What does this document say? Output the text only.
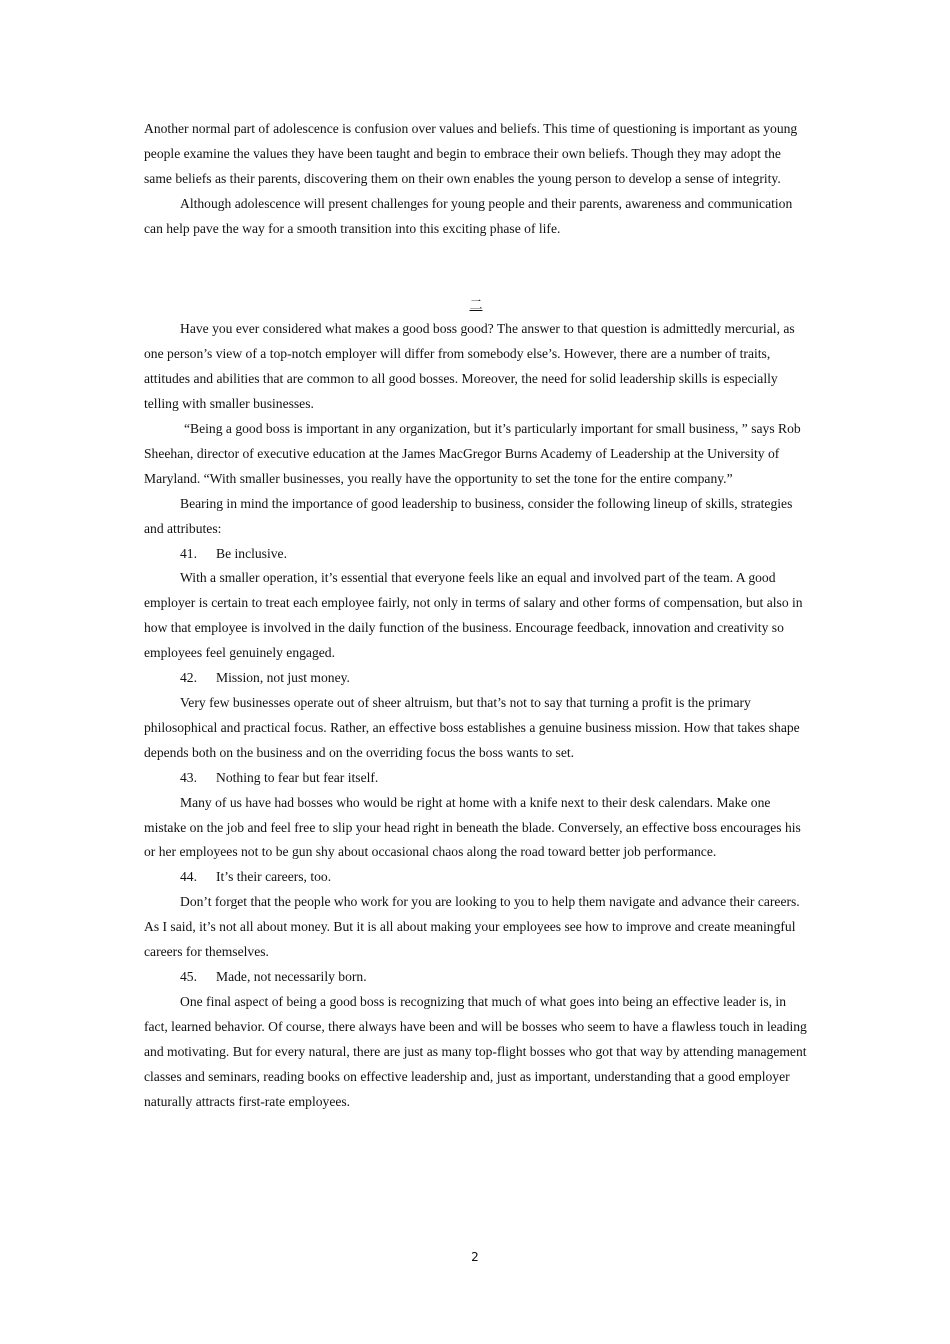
Another normal part of adolescence is confusion over values and beliefs. This time of questioning is important as young people examine the values they have been taught and begin to embrace their own beliefs. Though they may adopt the same beliefs as their parents, discovering them on their own enables the young person to develop a sense of integrity.

Although adolescence will present challenges for young people and their parents, awareness and communication can help pave the way for a smooth transition into this exciting phase of life.

二

Have you ever considered what makes a good boss good? The answer to that question is admittedly mercurial, as one person’s view of a top-notch employer will differ from somebody else’s. However, there are a number of traits, attitudes and abilities that are common to all good bosses. Moreover, the need for solid leadership skills is especially telling with smaller businesses.

“Being a good boss is important in any organization, but it’s particularly important for small business, ” says Rob Sheehan, director of executive education at the James MacGregor Burns Academy of Leadership at the University of Maryland. “With smaller businesses, you really have the opportunity to set the tone for the entire company.”

Bearing in mind the importance of good leadership to business, consider the following lineup of skills, strategies and attributes:

41. Be inclusive.

With a smaller operation, it’s essential that everyone feels like an equal and involved part of the team. A good employer is certain to treat each employee fairly, not only in terms of salary and other forms of compensation, but also in how that employee is involved in the daily function of the business. Encourage feedback, innovation and creativity so employees feel genuinely engaged.

42. Mission, not just money.

Very few businesses operate out of sheer altruism, but that’s not to say that turning a profit is the primary philosophical and practical focus. Rather, an effective boss establishes a genuine business mission. How that takes shape depends both on the business and on the overriding focus the boss wants to set.

43. Nothing to fear but fear itself.

Many of us have had bosses who would be right at home with a knife next to their desk calendars. Make one mistake on the job and feel free to slip your head right in beneath the blade. Conversely, an effective boss encourages his or her employees not to be gun shy about occasional chaos along the road toward better job performance.

44. It’s their careers, too.

Don’t forget that the people who work for you are looking to you to help them navigate and advance their careers. As I said, it’s not all about money. But it is all about making your employees see how to improve and create meaningful careers for themselves.

45. Made, not necessarily born.

One final aspect of being a good boss is recognizing that much of what goes into being an effective leader is, in fact, learned behavior. Of course, there always have been and will be bosses who seem to have a flawless touch in leading and motivating. But for every natural, there are just as many top-flight bosses who got that way by attending management classes and seminars, reading books on effective leadership and, just as important, understanding that a good employer naturally attracts first-rate employees.

2
